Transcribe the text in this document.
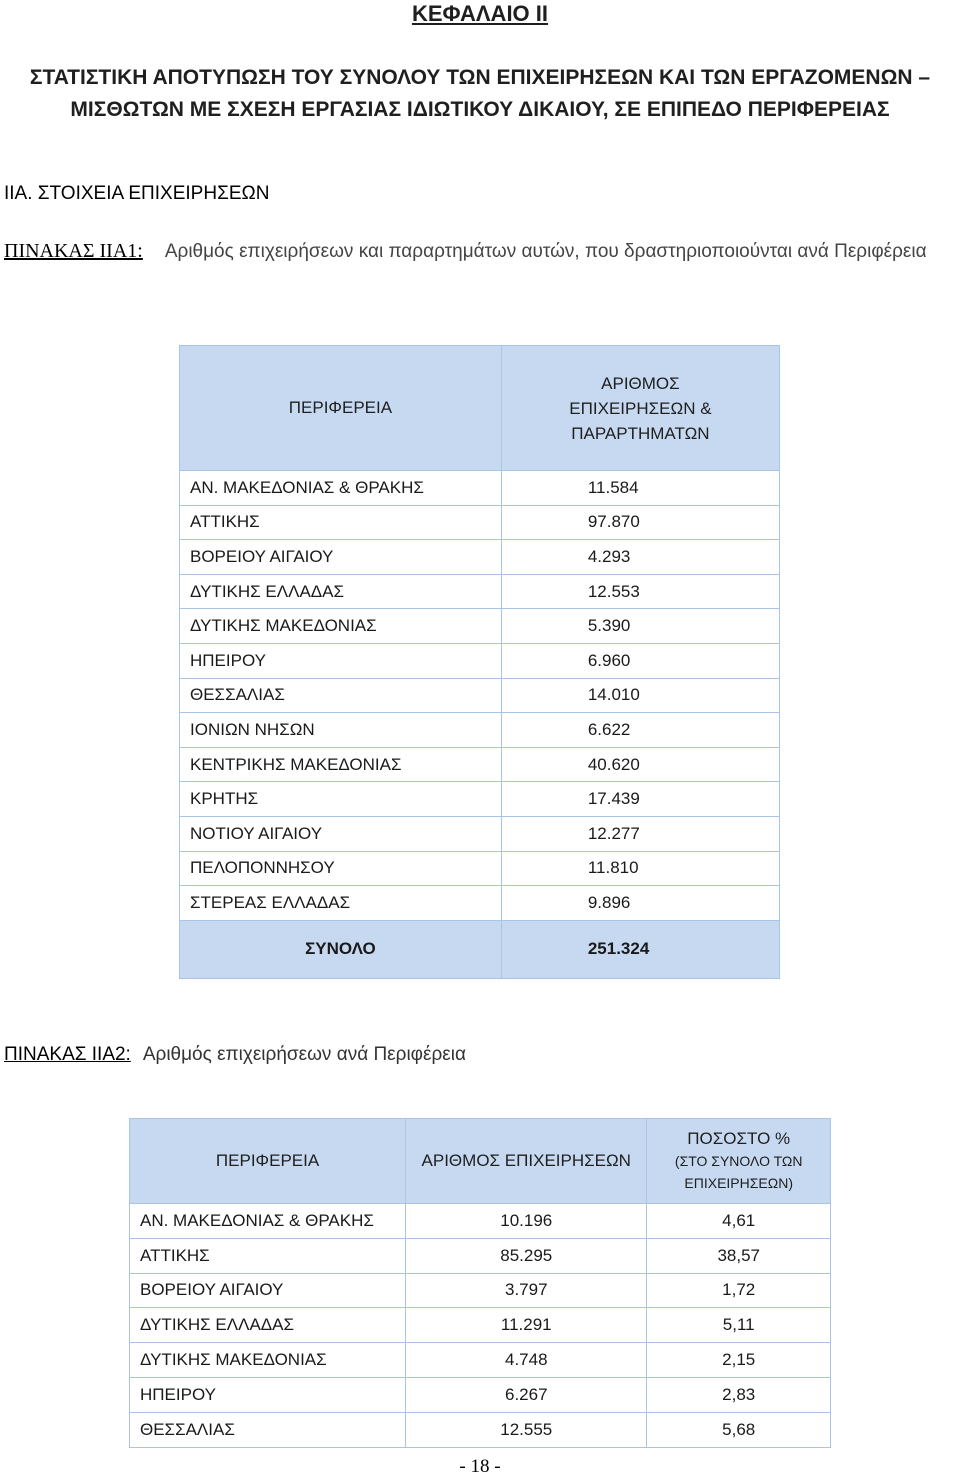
ΚΕΦΑΛΑΙΟ ΙΙ
ΣΤΑΤΙΣΤΙΚΗ ΑΠΟΤΥΠΩΣΗ ΤΟΥ ΣΥΝΟΛΟΥ ΤΩΝ ΕΠΙΧΕΙΡΗΣΕΩΝ ΚΑΙ ΤΩΝ ΕΡΓΑΖΟΜΕΝΩΝ –
ΜΙΣΘΩΤΩΝ ΜΕ ΣΧΕΣΗ ΕΡΓΑΣΙΑΣ ΙΔΙΩΤΙΚΟΥ ΔΙΚΑΙΟΥ, ΣΕ ΕΠΙΠΕΔΟ ΠΕΡΙΦΕΡΕΙΑΣ
ΙΙΑ. ΣΤΟΙΧΕΙΑ ΕΠΙΧΕΙΡΗΣΕΩΝ
ΠΙΝΑΚΑΣ ΙΙΑ1: Αριθμός επιχειρήσεων και παραρτημάτων αυτών, που δραστηριοποιούνται ανά Περιφέρεια
ΠΕΡΙΦΕΡΕΙΑ	ΑΡΙΘΜΟΣ
ΕΠΙΧΕΙΡΗΣΕΩΝ &
ΠΑΡΑΡΤΗΜΑΤΩΝ

ΑΝ. ΜΑΚΕΔΟΝΙΑΣ & ΘΡΑΚΗΣ	11.584
ΑΤΤΙΚΗΣ	97.870
ΒΟΡΕΙΟΥ ΑΙΓΑΙΟΥ	4.293
ΔΥΤΙΚΗΣ ΕΛΛΑΔΑΣ	12.553
ΔΥΤΙΚΗΣ ΜΑΚΕΔΟΝΙΑΣ	5.390
ΗΠΕΙΡΟΥ	6.960
ΘΕΣΣΑΛΙΑΣ	14.010
ΙΟΝΙΩΝ ΝΗΣΩΝ	6.622
ΚΕΝΤΡΙΚΗΣ ΜΑΚΕΔΟΝΙΑΣ	40.620
ΚΡΗΤΗΣ	17.439
ΝΟΤΙΟΥ ΑΙΓΑΙΟΥ	12.277
ΠΕΛΟΠΟΝΝΗΣΟΥ	11.810
ΣΤΕΡΕΑΣ ΕΛΛΑΔΑΣ	9.896
ΣΥΝΟΛΟ	251.324
ΠΙΝΑΚΑΣ ΙΙΑ2: Αριθμός επιχειρήσεων ανά Περιφέρεια
ΠΕΡΙΦΕΡΕΙΑ	ΑΡΙΘΜΟΣ ΕΠΙΧΕΙΡΗΣΕΩΝ	ΠΟΣΟΣΤΟ %
(ΣΤΟ ΣΥΝΟΛΟ ΤΩΝ
ΕΠΙΧΕΙΡΗΣΕΩΝ)

ΑΝ. ΜΑΚΕΔΟΝΙΑΣ & ΘΡΑΚΗΣ	10.196	4,61
ΑΤΤΙΚΗΣ	85.295	38,57
ΒΟΡΕΙΟΥ ΑΙΓΑΙΟΥ	3.797	1,72
ΔΥΤΙΚΗΣ ΕΛΛΑΔΑΣ	11.291	5,11
ΔΥΤΙΚΗΣ ΜΑΚΕΔΟΝΙΑΣ	4.748	2,15
ΗΠΕΙΡΟΥ	6.267	2,83
ΘΕΣΣΑΛΙΑΣ	12.555	5,68
- 18 -
